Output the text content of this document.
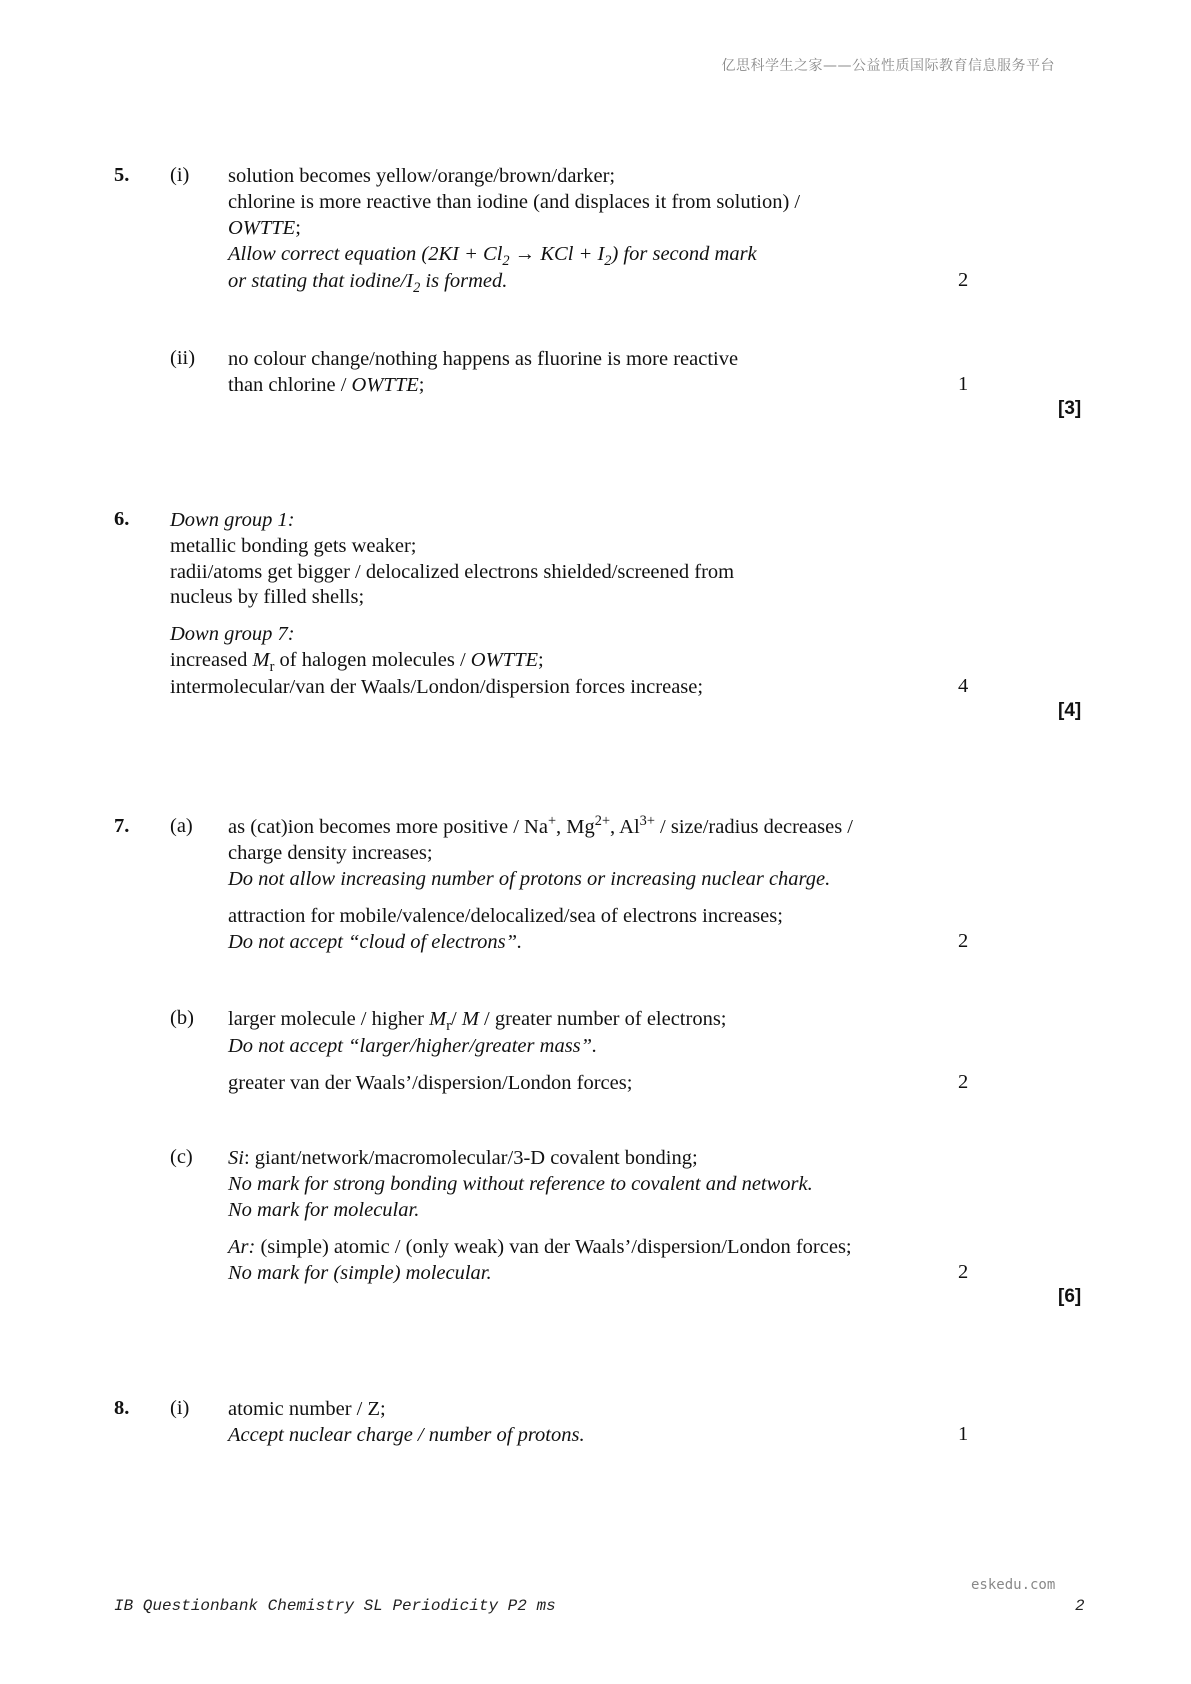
亿思科学生之家——公益性质国际教育信息服务平台
5. (i) solution becomes yellow/orange/brown/darker;
chlorine is more reactive than iodine (and displaces it from solution) /
OWTTE;
Allow correct equation ($2KI + Cl_2$ → KCl + $I_2$) for second mark
or stating that iodine/$I_2$ is formed.	2
(ii) no colour change/nothing happens as fluorine is more reactive
than chlorine / OWTTE;	1
[3]
6. Down group 1:
metallic bonding gets weaker;
radii/atoms get bigger / delocalized electrons shielded/screened from
nucleus by filled shells;
Down group 7:
increased $M_r$ of halogen molecules / OWTTE;
intermolecular/van der Waals/London/dispersion forces increase;	4
[4]
7. (a) as (cat)ion becomes more positive / Na+, $Mg^{2+}$, $Al^{3+}$ / size/radius decreases /
charge density increases;
Do not allow increasing number of protons or increasing nuclear charge.
attraction for mobile/valence/delocalized/sea of electrons increases;
Do not accept “cloud of electrons”.	2
(b) larger molecule / higher $M_r/$ M / greater number of electrons;
Do not accept “larger/higher/greater mass”.
greater van der Waals’/dispersion/London forces;	2
(c) Si: giant/network/macromolecular/3-D covalent bonding;
No mark for strong bonding without reference to covalent and network.
No mark for molecular.
Ar: (simple) atomic / (only weak) van der Waals’/dispersion/London forces;
No mark for (simple) molecular.	2
[6]
8. (i) atomic number / Z;
Accept nuclear charge / number of protons.	1
eskedu.com
IB Questionbank Chemistry SL Periodicity P2 ms	2
